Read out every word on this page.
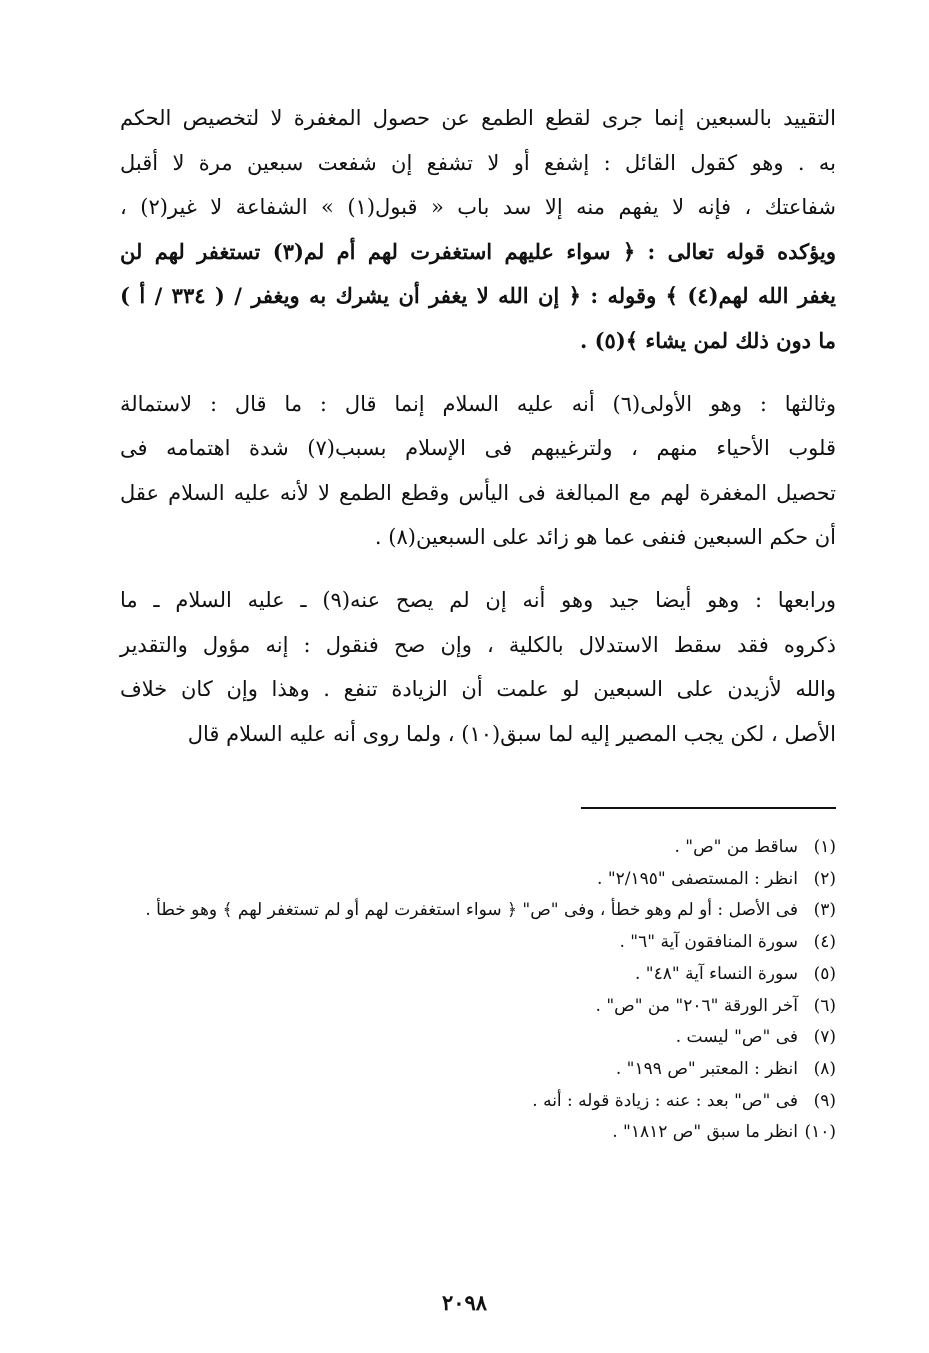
التقييد بالسبعين إنما جرى لقطع الطمع عن حصول المغفرة لا لتخصيص الحكم
به . وهو كقول القائل : إشفع أو لا تشفع إن شفعت سبعين مرة لا أقبل
شفاعتك ، فإنه لا يفهم منه إلا سد باب « قبول(١) » الشفاعة لا غير(٢) ،
ويؤكده قوله تعالى : ﴿ سواء عليهم استغفرت لهم أم لم(٣) تستغفر لهم لن
يغفر الله لهم(٤) ﴾ وقوله : ﴿ إن الله لا يغفر أن يشرك به ويغفر / ( ٣٣٤ / أ )
ما دون ذلك لمن يشاء ﴾(٥) .
وثالثها : وهو الأولى(٦) أنه عليه السلام إنما قال : ما قال : لاستمالة
قلوب الأحياء منهم ، ولترغيبهم فى الإسلام بسبب(٧) شدة اهتمامه فى
تحصيل المغفرة لهم مع المبالغة فى اليأس وقطع الطمع لا لأنه عليه السلام عقل
أن حكم السبعين فنفى عما هو زائد على السبعين(٨) .
ورابعها : وهو أيضا جيد وهو أنه إن لم يصح عنه(٩) ـ عليه السلام ـ ما
ذكروه فقد سقط الاستدلال بالكلية ، وإن صح فنقول : إنه مؤول والتقدير
والله لأزيدن على السبعين لو علمت أن الزيادة تنفع . وهذا وإن كان خلاف
الأصل ، لكن يجب المصير إليه لما سبق(١٠) ، ولما روى أنه عليه السلام قال
(١)
ساقط من "ص" .
(٢)
انظر : المستصفى "٢/١٩٥" .
(٣)
فى الأصل : أو لم وهو خطأ ، وفى "ص" ﴿ سواء استغفرت لهم أو لم تستغفر لهم ﴾ وهو خطأ .
(٤)
سورة المنافقون آية "٦" .
(٥)
سورة النساء آية "٤٨" .
(٦)
آخر الورقة "٢٠٦" من "ص" .
(٧)
فى "ص" ليست .
(٨)
انظر : المعتبر "ص ١٩٩" .
(٩)
فى "ص" بعد : عنه : زيادة قوله : أنه .
(١٠)
انظر ما سبق "ص ١٨١٢" .
٢٠٩٨
